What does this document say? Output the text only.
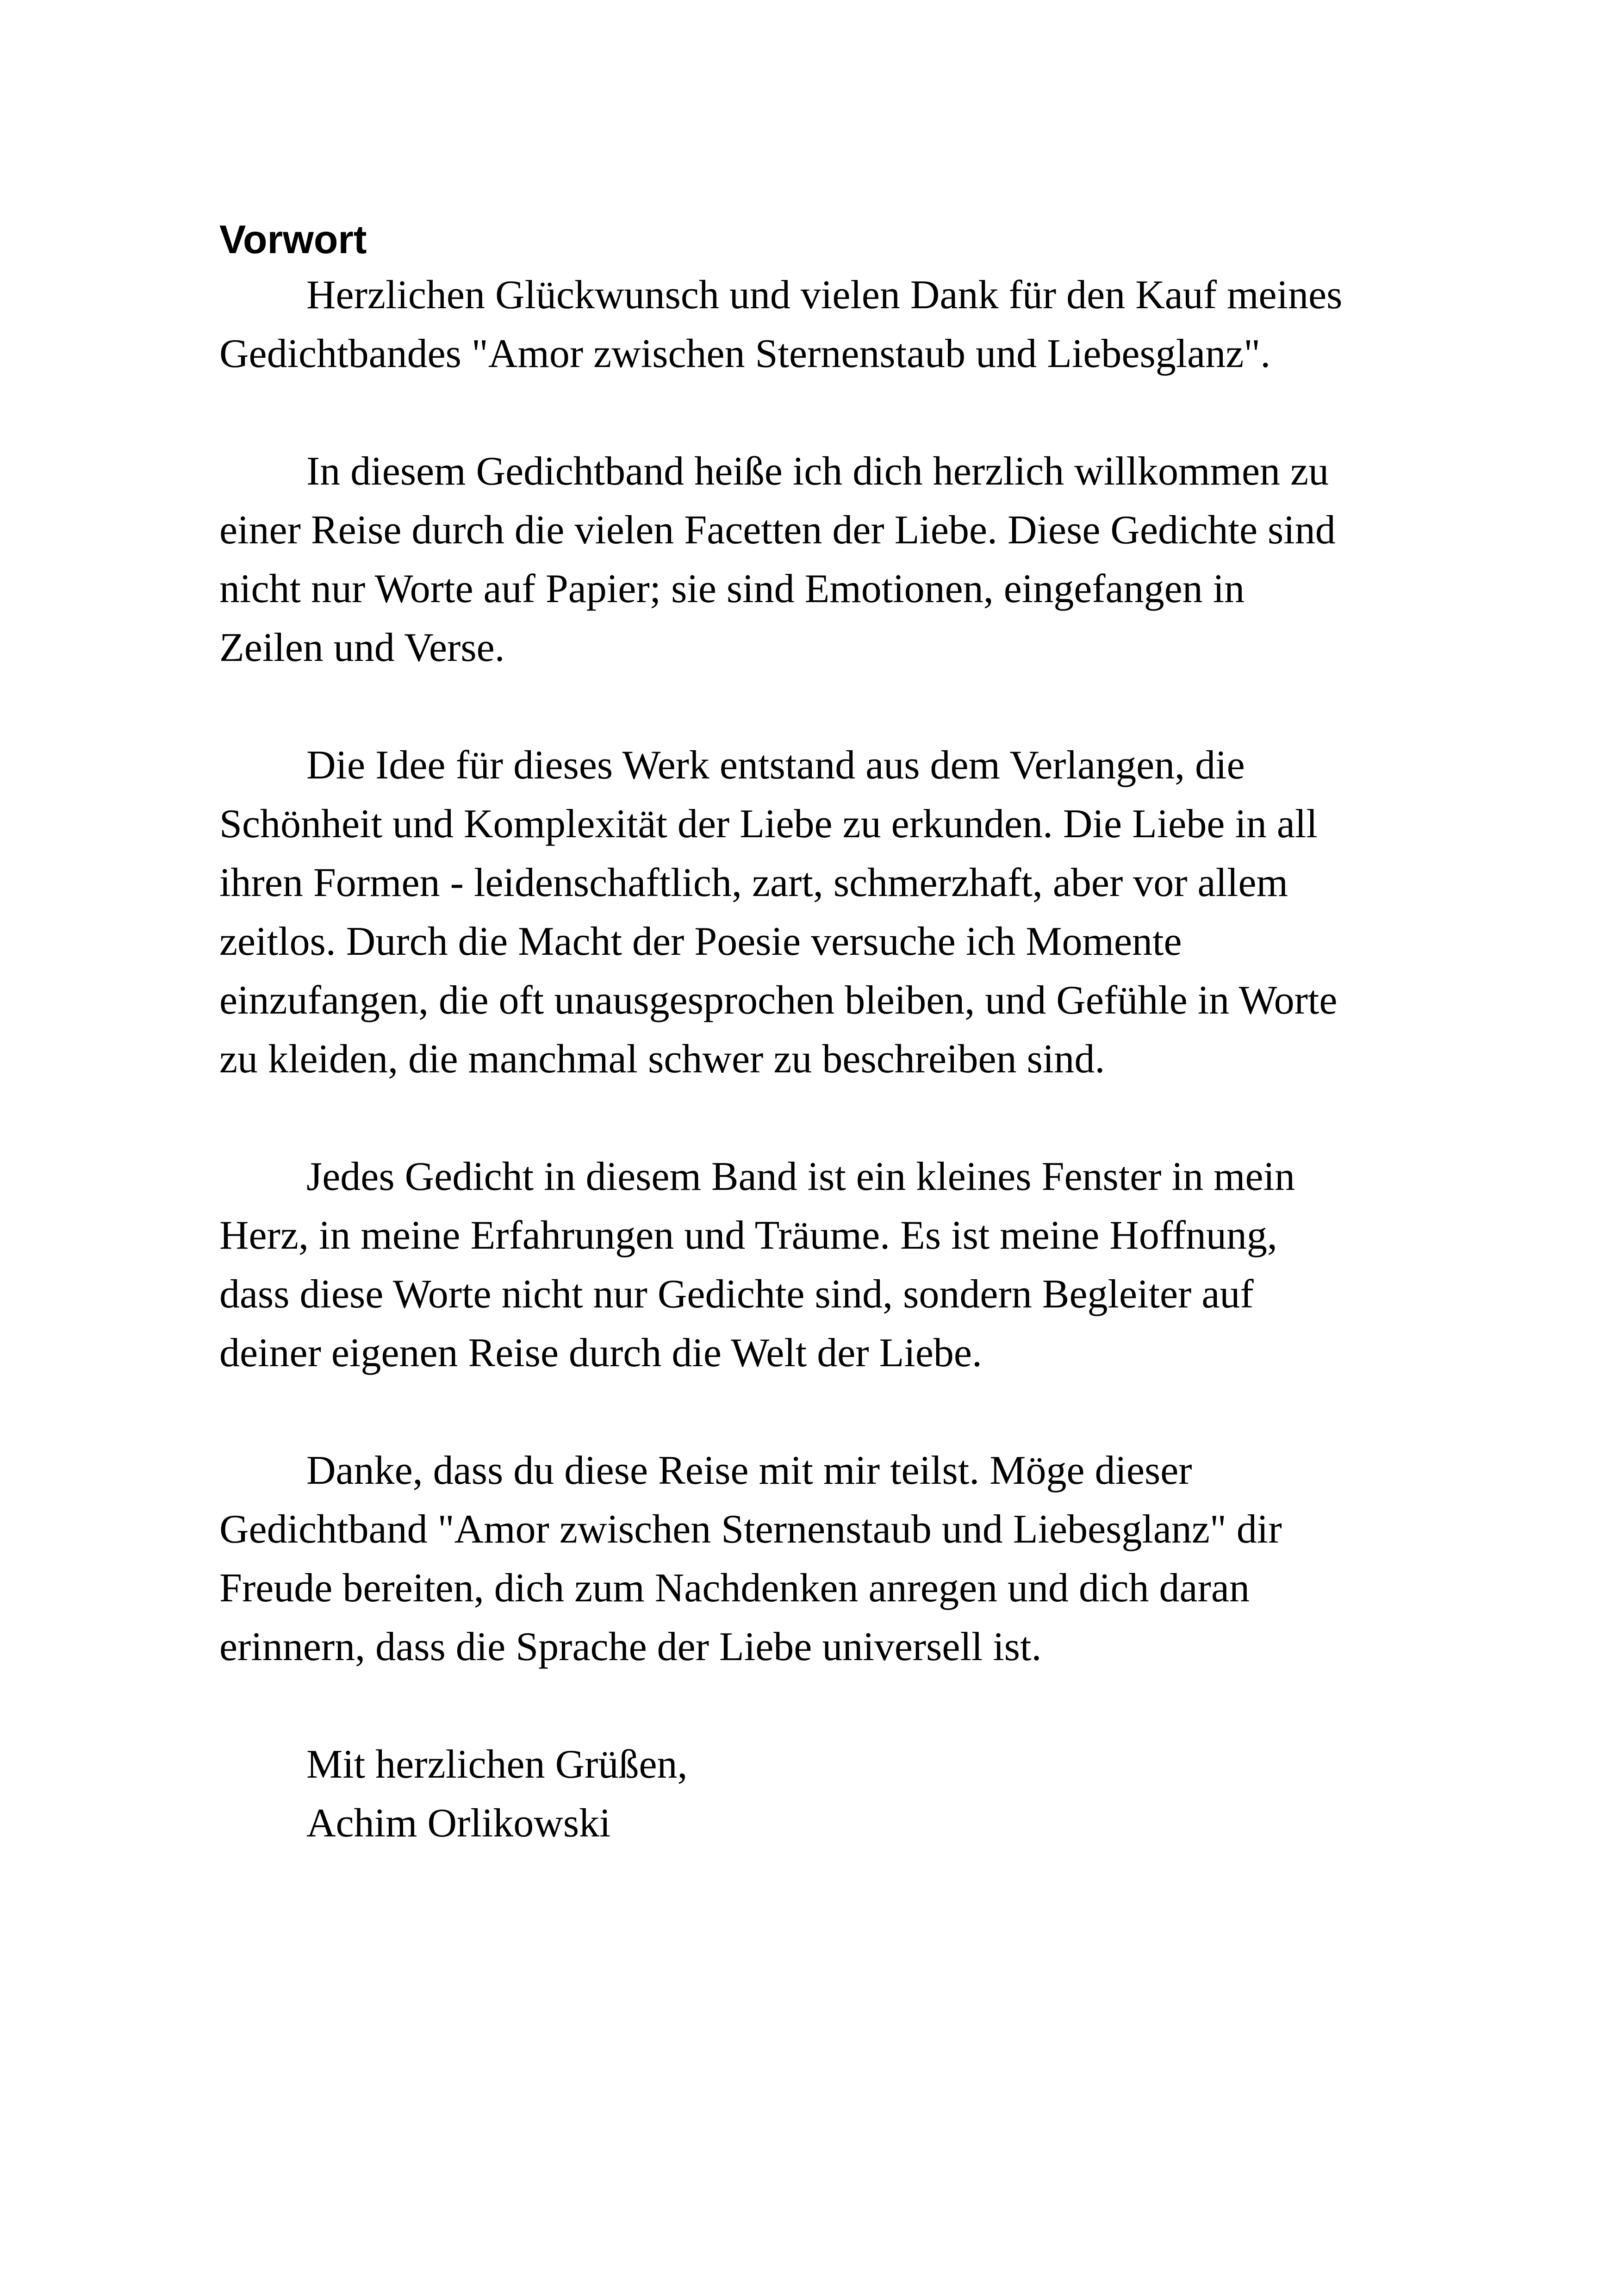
Vorwort

Herzlichen Glückwunsch und vielen Dank für den Kauf meines
Gedichtbandes "Amor zwischen Sternenstaub und Liebesglanz".

In diesem Gedichtband heiße ich dich herzlich willkommen zu
einer Reise durch die vielen Facetten der Liebe. Diese Gedichte sind
nicht nur Worte auf Papier; sie sind Emotionen, eingefangen in
Zeilen und Verse.

Die Idee für dieses Werk entstand aus dem Verlangen, die
Schönheit und Komplexität der Liebe zu erkunden. Die Liebe in all
ihren Formen - leidenschaftlich, zart, schmerzhaft, aber vor allem
zeitlos. Durch die Macht der Poesie versuche ich Momente
einzufangen, die oft unausgesprochen bleiben, und Gefühle in Worte
zu kleiden, die manchmal schwer zu beschreiben sind.

Jedes Gedicht in diesem Band ist ein kleines Fenster in mein
Herz, in meine Erfahrungen und Träume. Es ist meine Hoffnung,
dass diese Worte nicht nur Gedichte sind, sondern Begleiter auf
deiner eigenen Reise durch die Welt der Liebe.

Danke, dass du diese Reise mit mir teilst. Möge dieser
Gedichtband "Amor zwischen Sternenstaub und Liebesglanz" dir
Freude bereiten, dich zum Nachdenken anregen und dich daran
erinnern, dass die Sprache der Liebe universell ist.

Mit herzlichen Grüßen,
Achim Orlikowski
